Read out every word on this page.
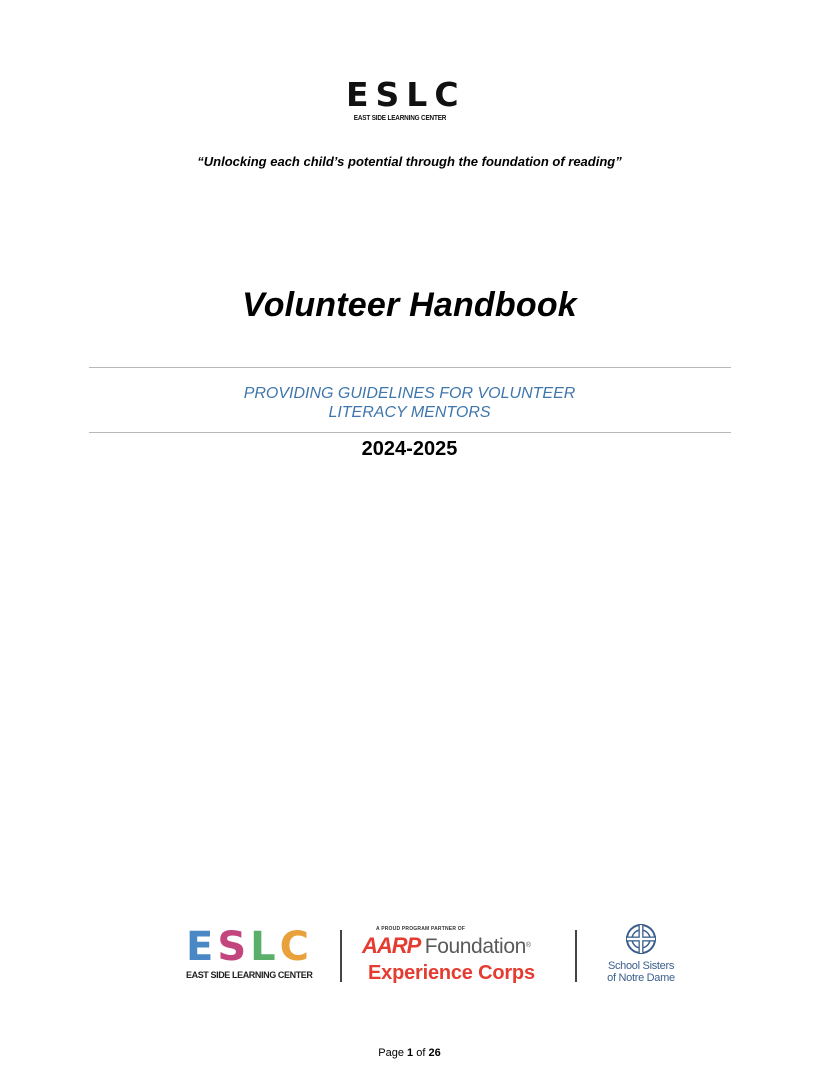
ESLC
EAST SIDE LEARNING CENTER
“Unlocking each child’s potential through the foundation of reading”
Volunteer Handbook
PROVIDING GUIDELINES FOR VOLUNTEER
LITERACY MENTORS
2024-2025
ESLC
EAST SIDE LEARNING CENTER
A PROUD PROGRAM PARTNER OF
AARP Foundation®
Experience Corps	School Sisters
of Notre Dame
Page 1 of 26
